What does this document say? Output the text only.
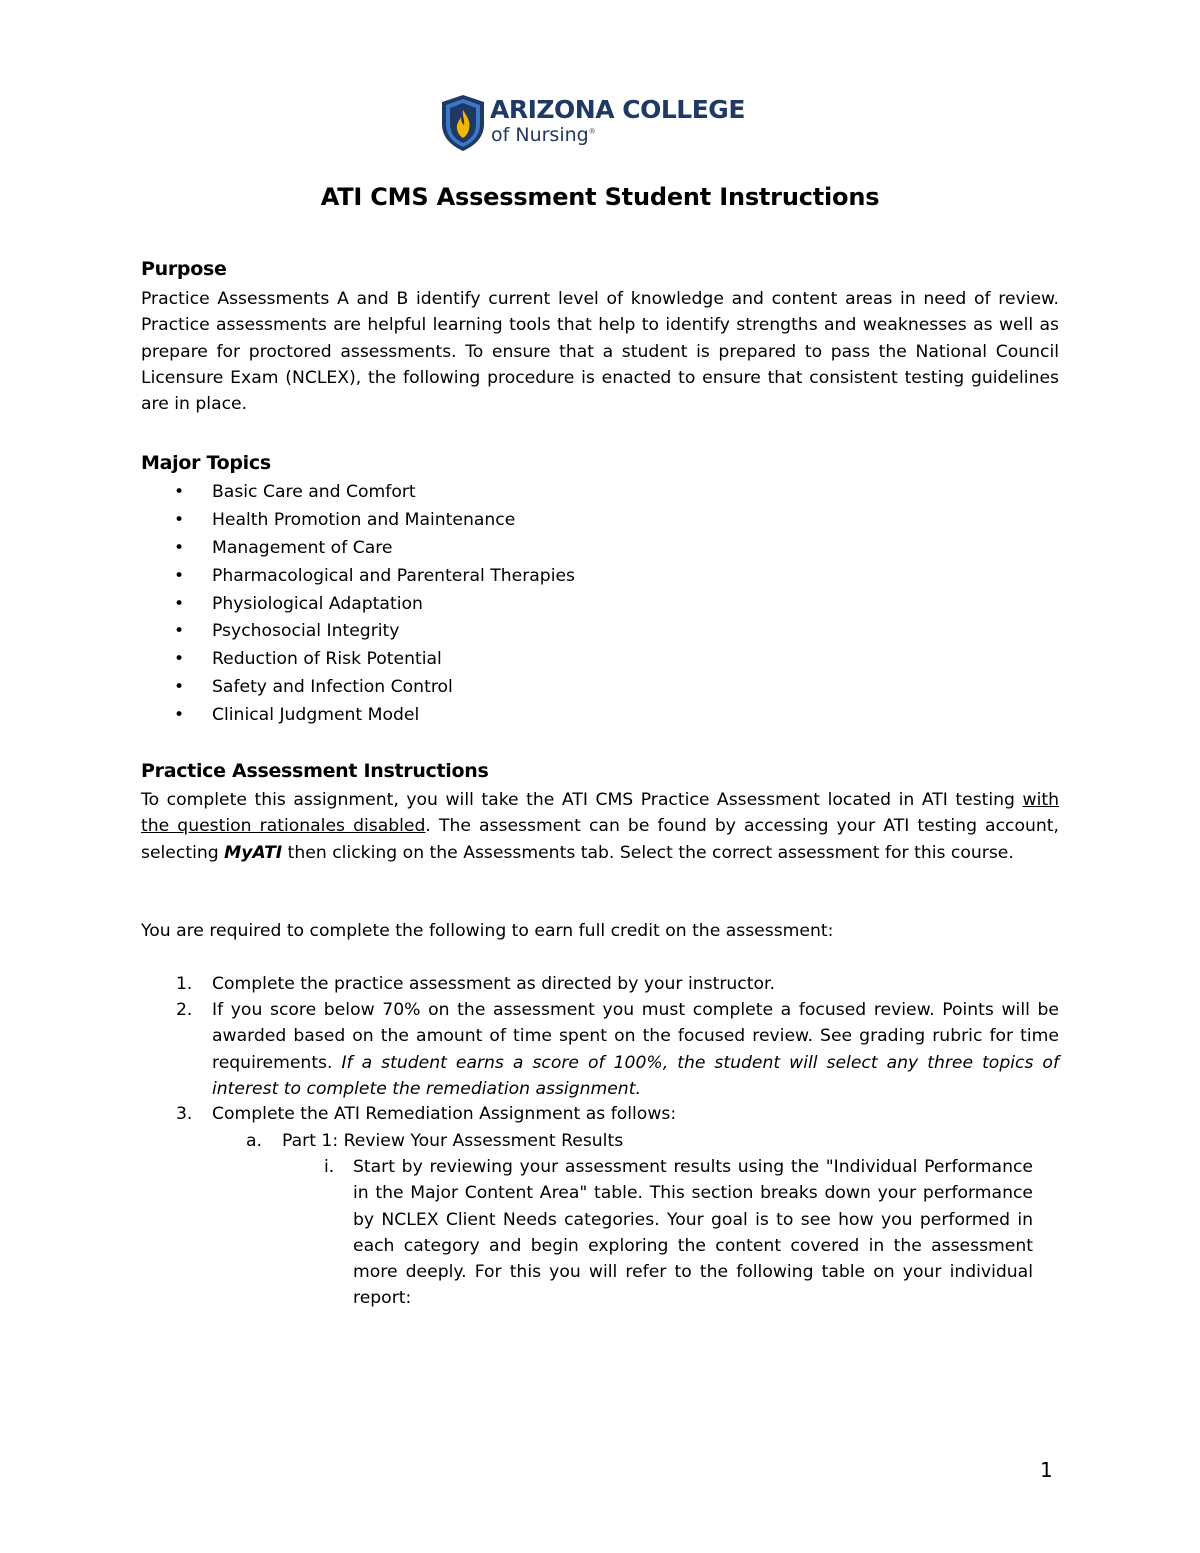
ARIZONA COLLEGE
of Nursing®
ATI CMS Assessment Student Instructions
Purpose
Practice Assessments A and B identify current level of knowledge and content areas in need of review. Practice assessments are helpful learning tools that help to identify strengths and weaknesses as well as prepare for proctored assessments. To ensure that a student is prepared to pass the National Council Licensure Exam (NCLEX), the following procedure is enacted to ensure that consistent testing guidelines are in place.
Major Topics
• Basic Care and Comfort
• Health Promotion and Maintenance
• Management of Care
• Pharmacological and Parenteral Therapies
• Physiological Adaptation
• Psychosocial Integrity
• Reduction of Risk Potential
• Safety and Infection Control
• Clinical Judgment Model
Practice Assessment Instructions
To complete this assignment, you will take the ATI CMS Practice Assessment located in ATI testing with the question rationales disabled. The assessment can be found by accessing your ATI testing account, selecting MyATI then clicking on the Assessments tab. Select the correct assessment for this course.
You are required to complete the following to earn full credit on the assessment:
1. Complete the practice assessment as directed by your instructor.
2. If you score below 70% on the assessment you must complete a focused review. Points will be awarded based on the amount of time spent on the focused review. See grading rubric for time requirements. If a student earns a score of 100%, the student will select any three topics of interest to complete the remediation assignment.
3. Complete the ATI Remediation Assignment as follows:
a. Part 1: Review Your Assessment Results
i. Start by reviewing your assessment results using the "Individual Performance in the Major Content Area" table. This section breaks down your performance by NCLEX Client Needs categories. Your goal is to see how you performed in each category and begin exploring the content covered in the assessment more deeply. For this you will refer to the following table on your individual report:
1
